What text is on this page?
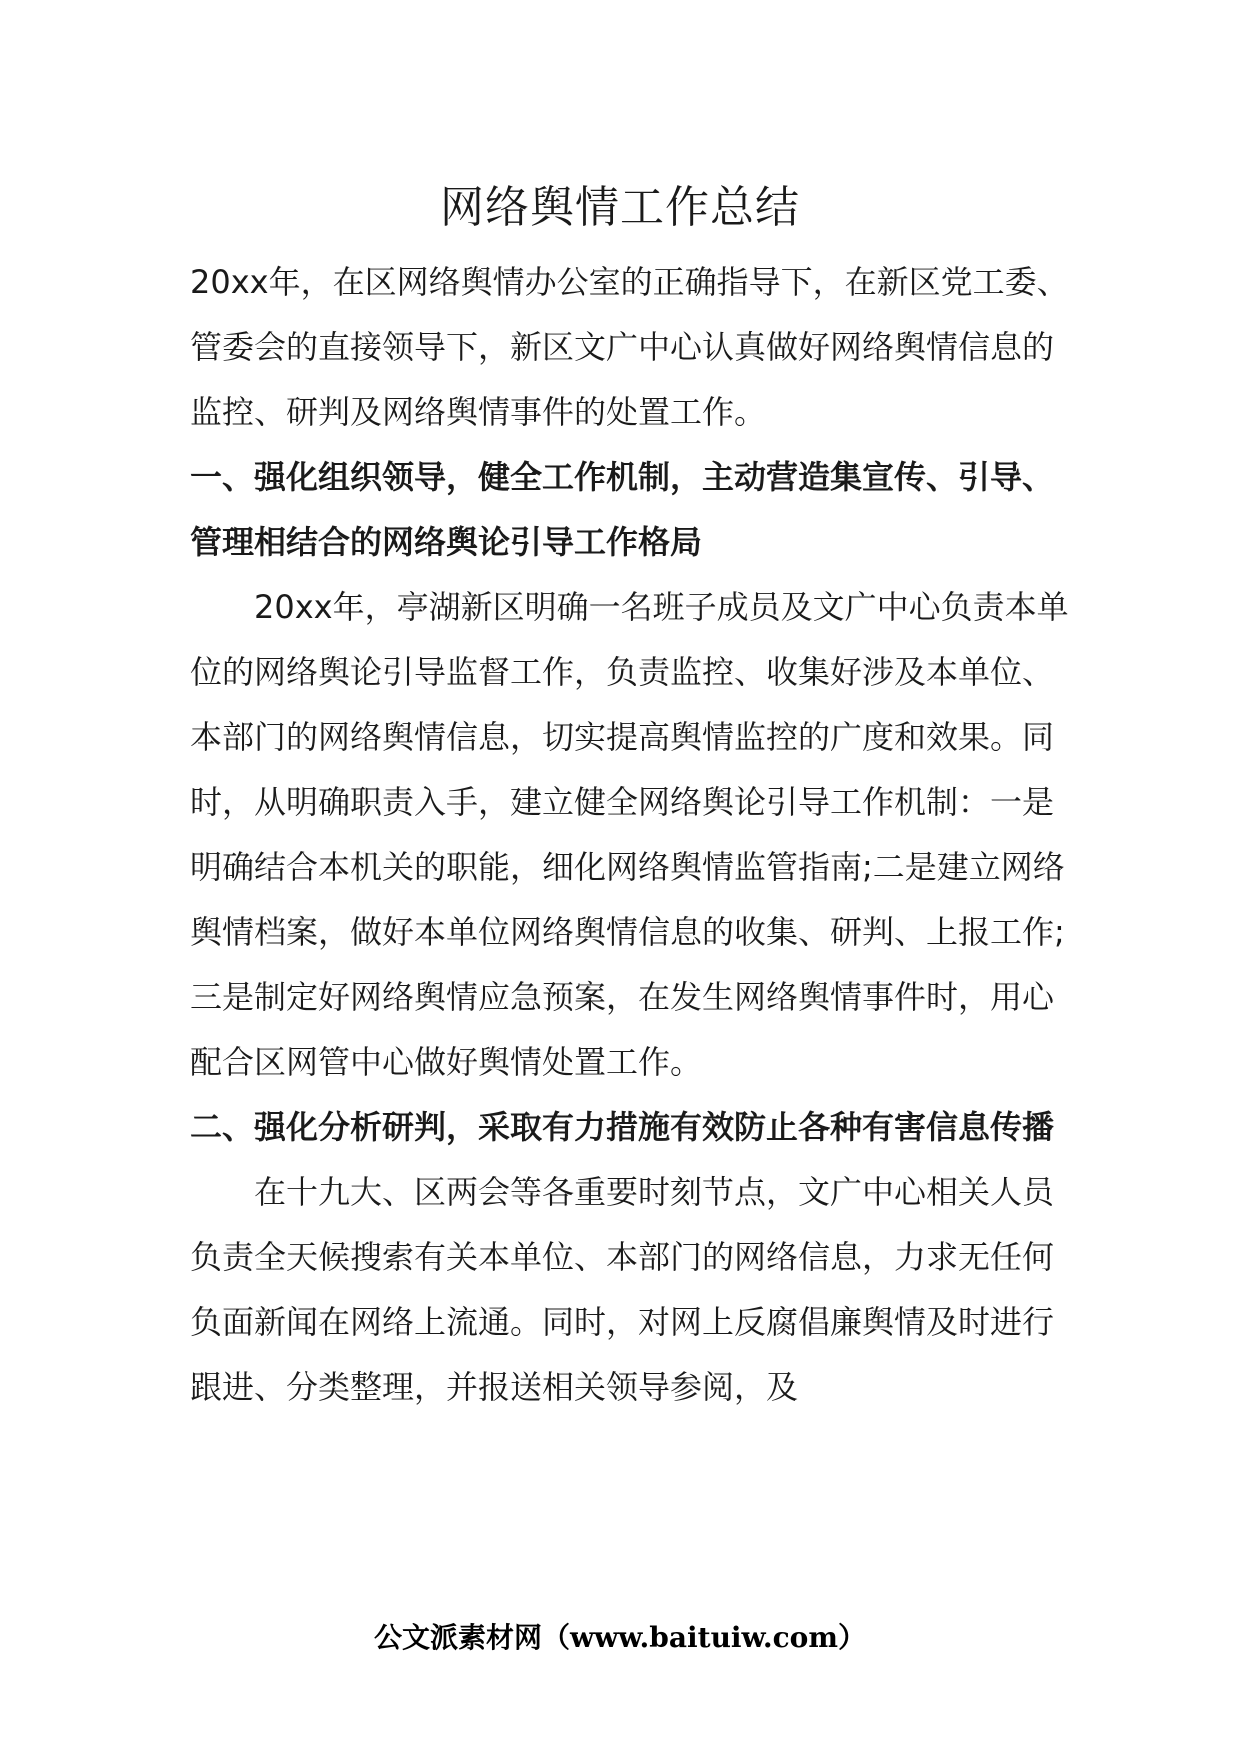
网络舆情工作总结

20xx年，在区网络舆情办公室的正确指导下，在新区党工委、管委会的直接领导下，新区文广中心认真做好网络舆情信息的监控、研判及网络舆情事件的处置工作。

一、强化组织领导，健全工作机制，主动营造集宣传、引导、管理相结合的网络舆论引导工作格局

20xx年，亭湖新区明确一名班子成员及文广中心负责本单位的网络舆论引导监督工作，负责监控、收集好涉及本单位、本部门的网络舆情信息，切实提高舆情监控的广度和效果。同时，从明确职责入手，建立健全网络舆论引导工作机制：一是明确结合本机关的职能，细化网络舆情监管指南;二是建立网络舆情档案，做好本单位网络舆情信息的收集、研判、上报工作;三是制定好网络舆情应急预案，在发生网络舆情事件时，用心配合区网管中心做好舆情处置工作。

二、强化分析研判，采取有力措施有效防止各种有害信息传播

在十九大、区两会等各重要时刻节点，文广中心相关人员负责全天候搜索有关本单位、本部门的网络信息，力求无任何负面新闻在网络上流通。同时，对网上反腐倡廉舆情及时进行跟进、分类整理，并报送相关领导参阅，及

公文派素材网（www.baituiw.com）
